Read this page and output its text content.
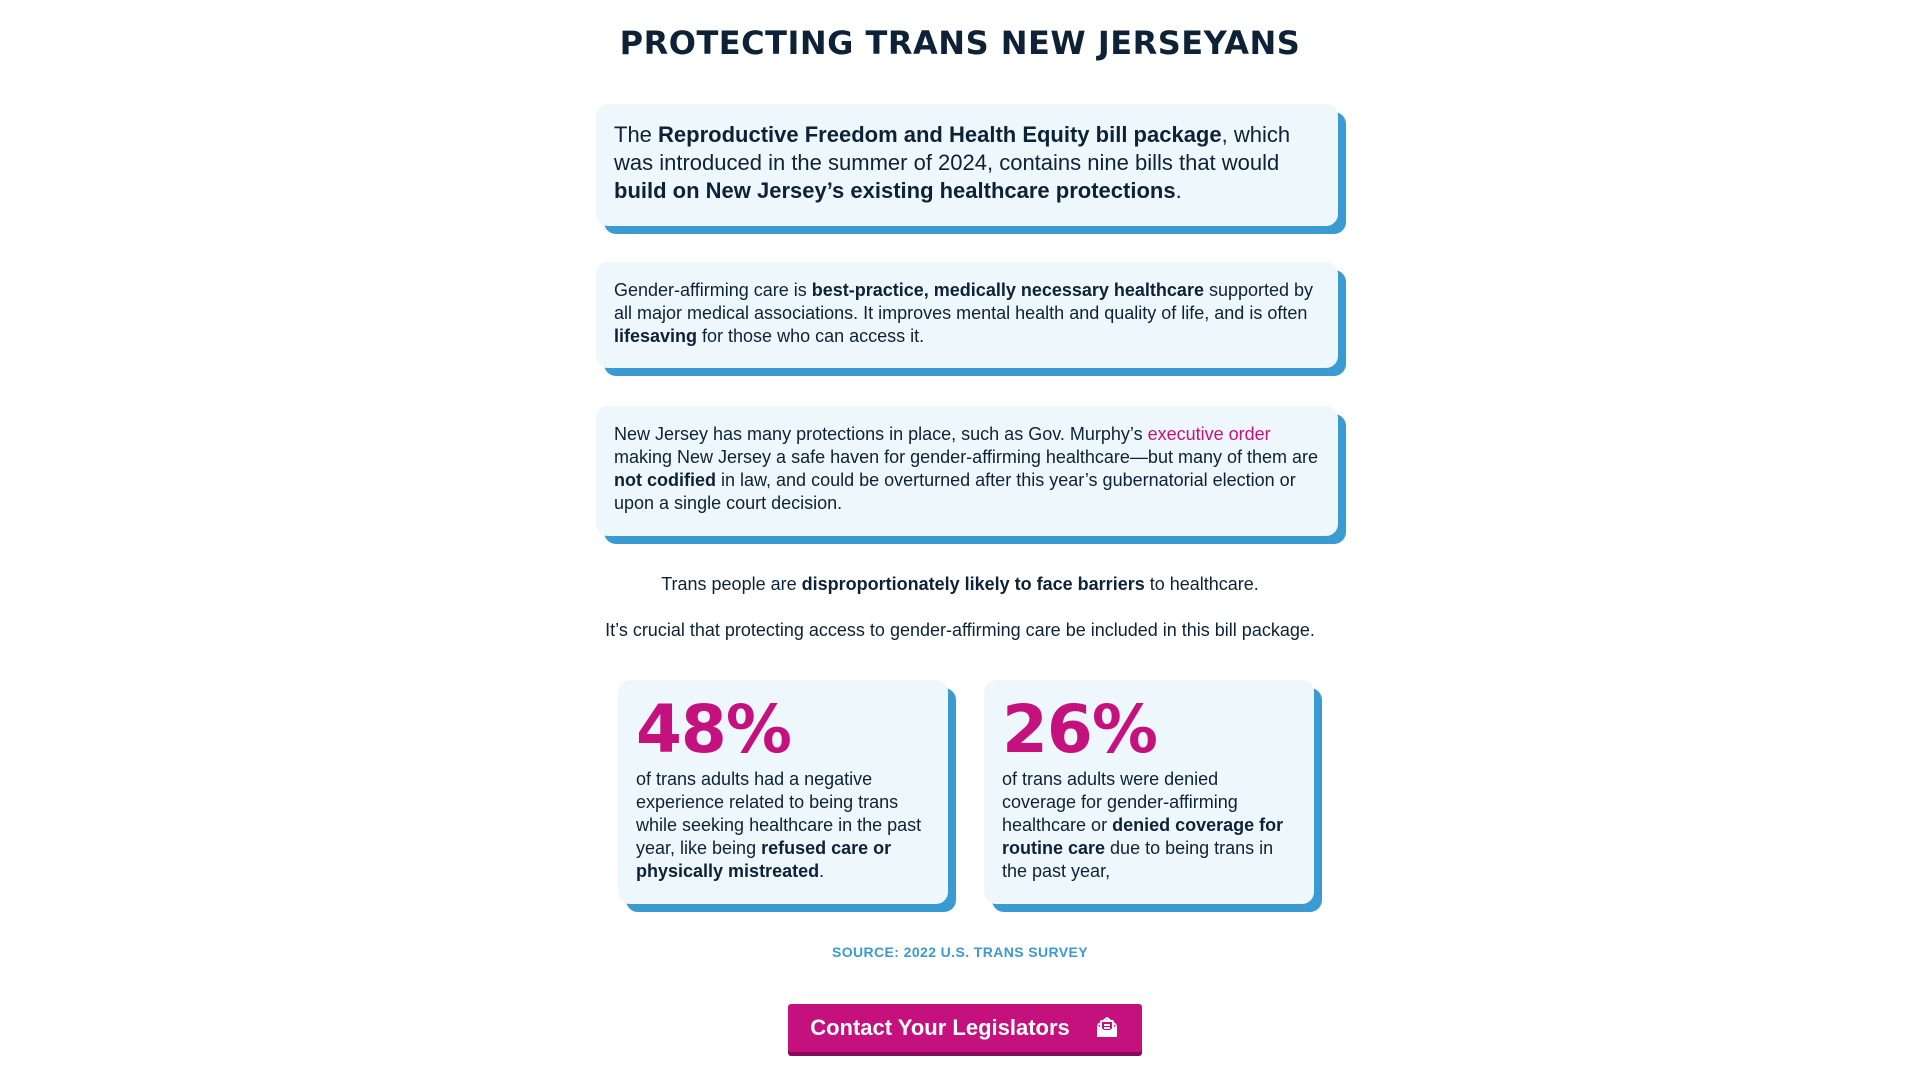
PROTECTING TRANS NEW JERSEYANS

The Reproductive Freedom and Health Equity bill package, which was introduced in the summer of 2024, contains nine bills that would build on New Jersey’s existing healthcare protections.

Gender-affirming care is best-practice, medically necessary healthcare supported by all major medical associations. It improves mental health and quality of life, and is often lifesaving for those who can access it.

New Jersey has many protections in place, such as Gov. Murphy’s executive order making New Jersey a safe haven for gender-affirming healthcare—but many of them are not codified in law, and could be overturned after this year’s gubernatorial election or upon a single court decision.

Trans people are disproportionately likely to face barriers to healthcare.

It’s crucial that protecting access to gender-affirming care be included in this bill package.

48%
of trans adults had a negative experience related to being trans while seeking healthcare in the past year, like being refused care or physically mistreated.
26%
of trans adults were denied coverage for gender-affirming healthcare or denied coverage for routine care due to being trans in the past year,

SOURCE: 2022 U.S. TRANS SURVEY

Contact Your Legislators
